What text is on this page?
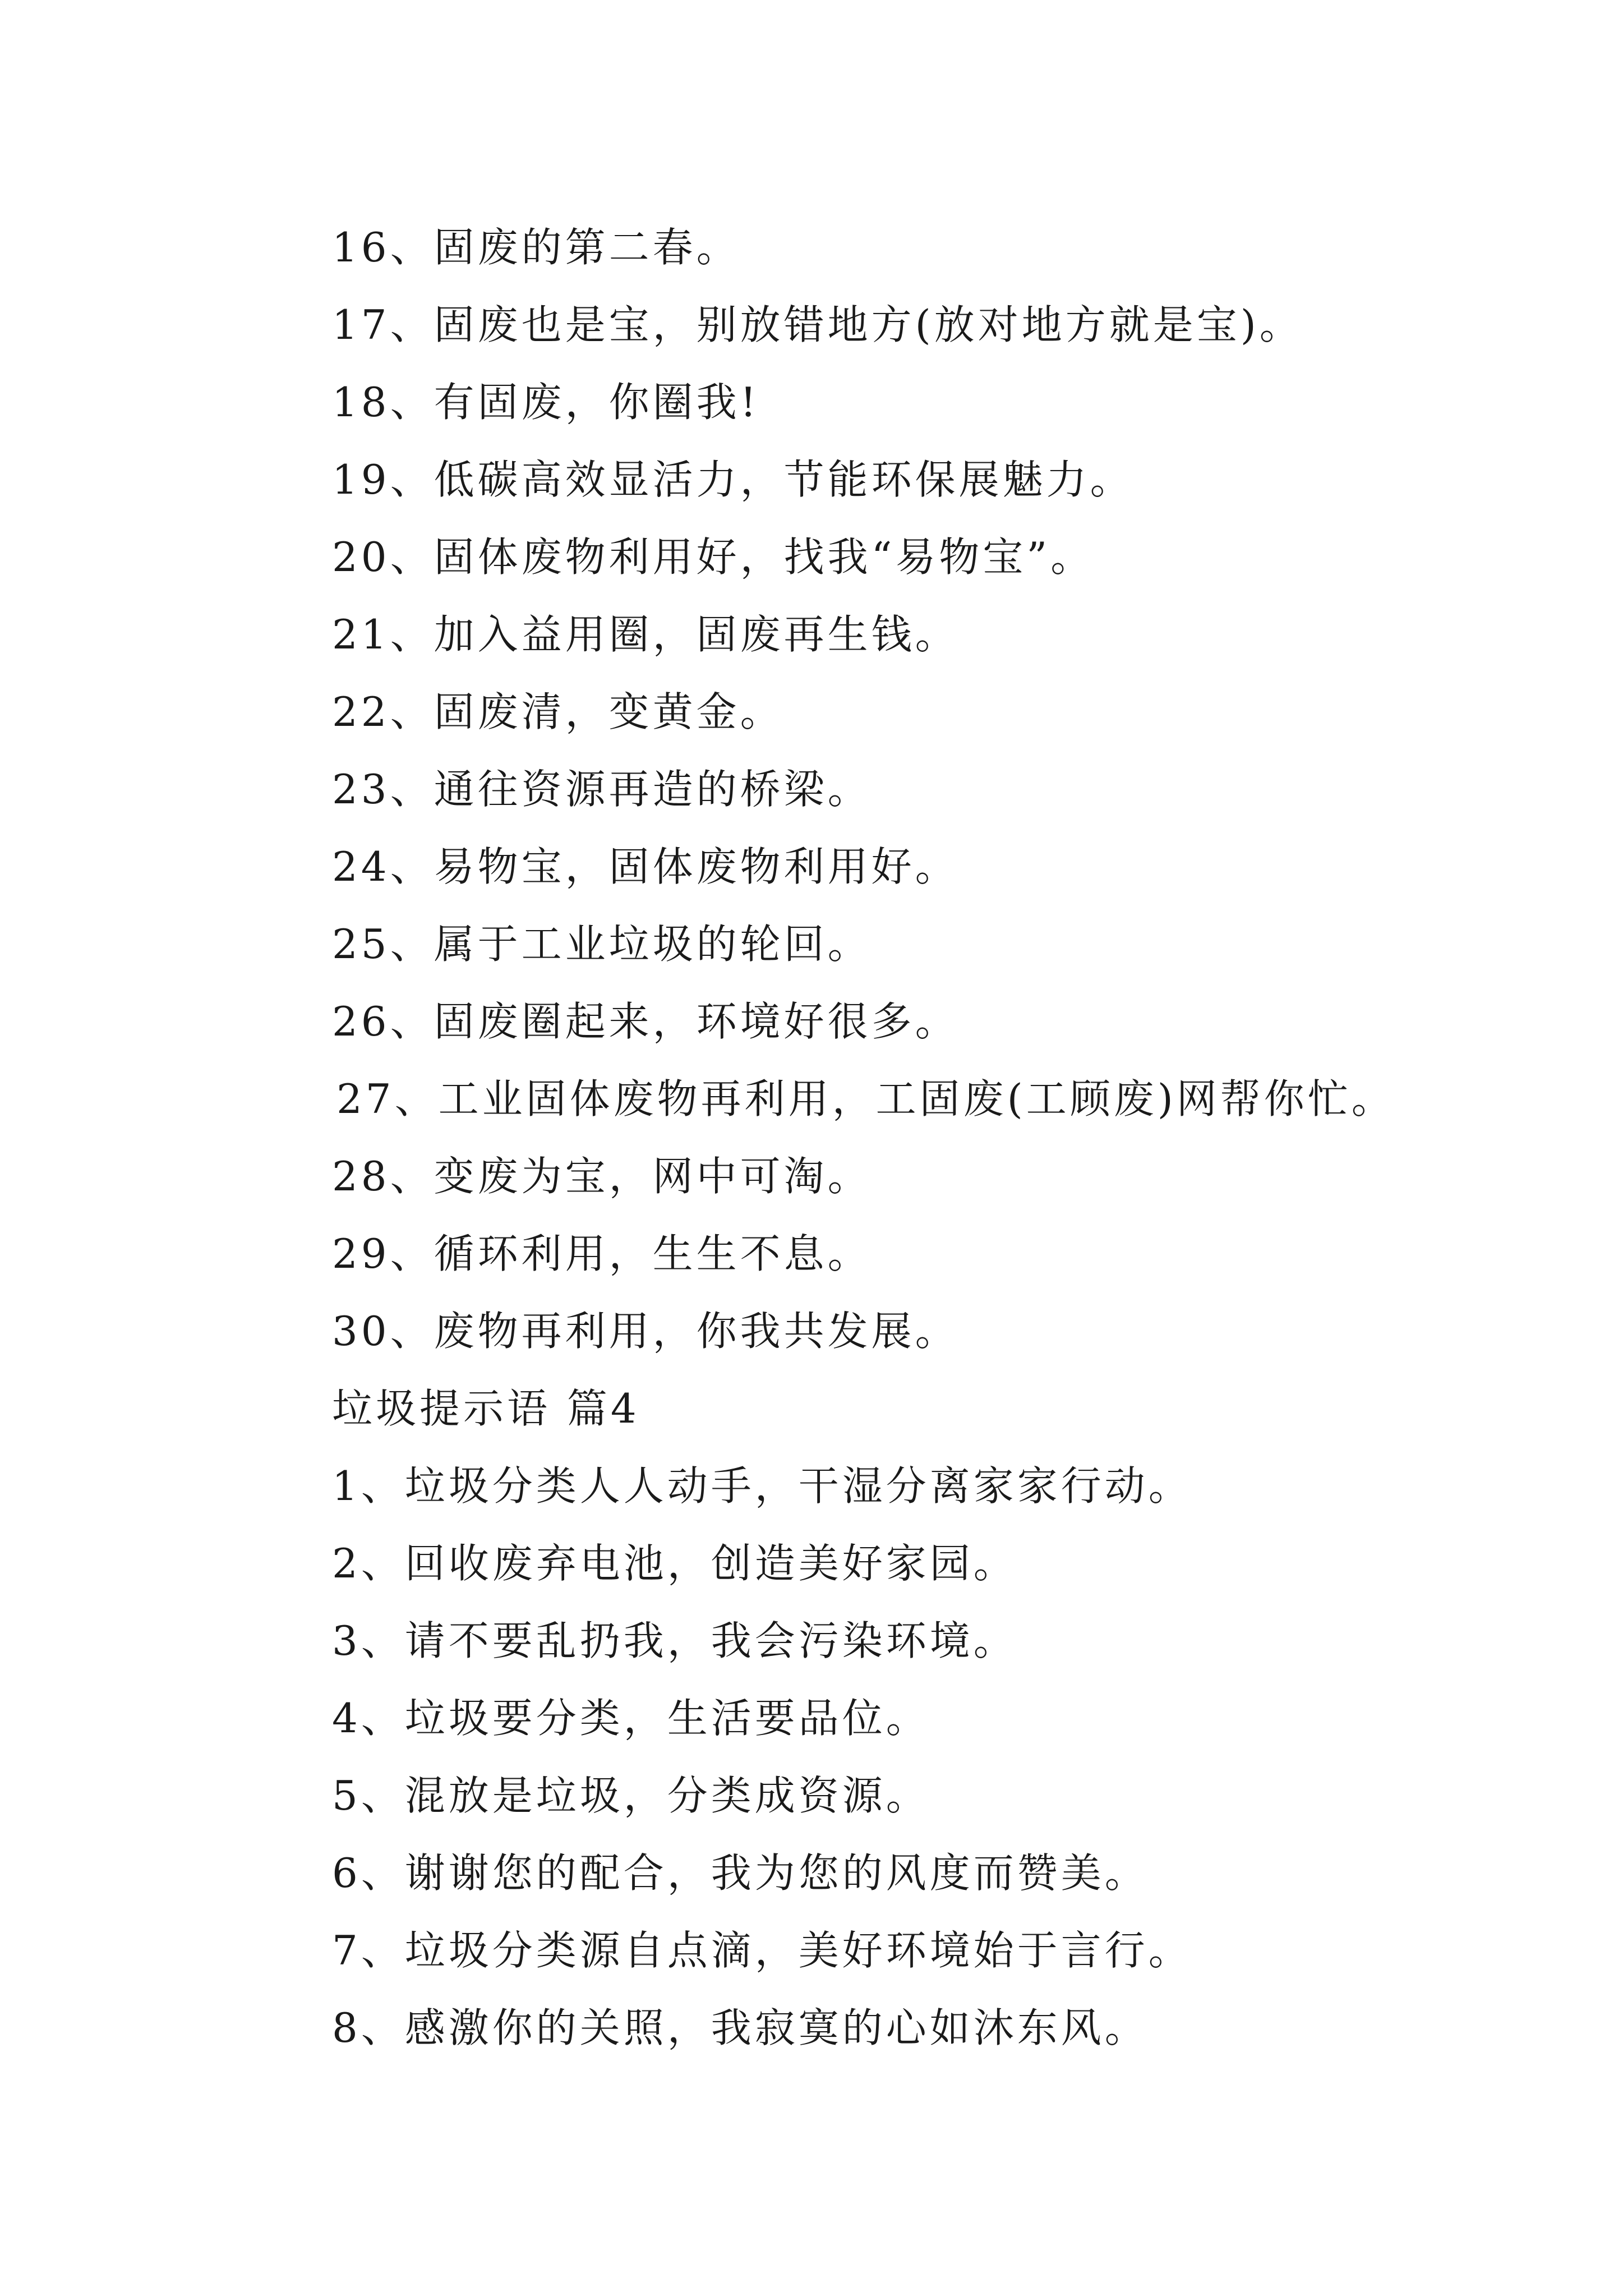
16、固废的第二春。
17、固废也是宝，别放错地方(放对地方就是宝)。
18、有固废，你圈我!
19、低碳高效显活力，节能环保展魅力。
20、固体废物利用好，找我“易物宝”。
21、加入益用圈，固废再生钱。
22、固废清，变黄金。
23、通往资源再造的桥梁。
24、易物宝，固体废物利用好。
25、属于工业垃圾的轮回。
26、固废圈起来，环境好很多。
27、工业固体废物再利用，工固废(工顾废)网帮你忙。
28、变废为宝，网中可淘。
29、循环利用，生生不息。
30、废物再利用，你我共发展。
垃圾提示语 篇4
1、垃圾分类人人动手，干湿分离家家行动。
2、回收废弃电池，创造美好家园。
3、请不要乱扔我，我会污染环境。
4、垃圾要分类，生活要品位。
5、混放是垃圾，分类成资源。
6、谢谢您的配合，我为您的风度而赞美。
7、垃圾分类源自点滴，美好环境始于言行。
8、感激你的关照，我寂寞的心如沐东风。
